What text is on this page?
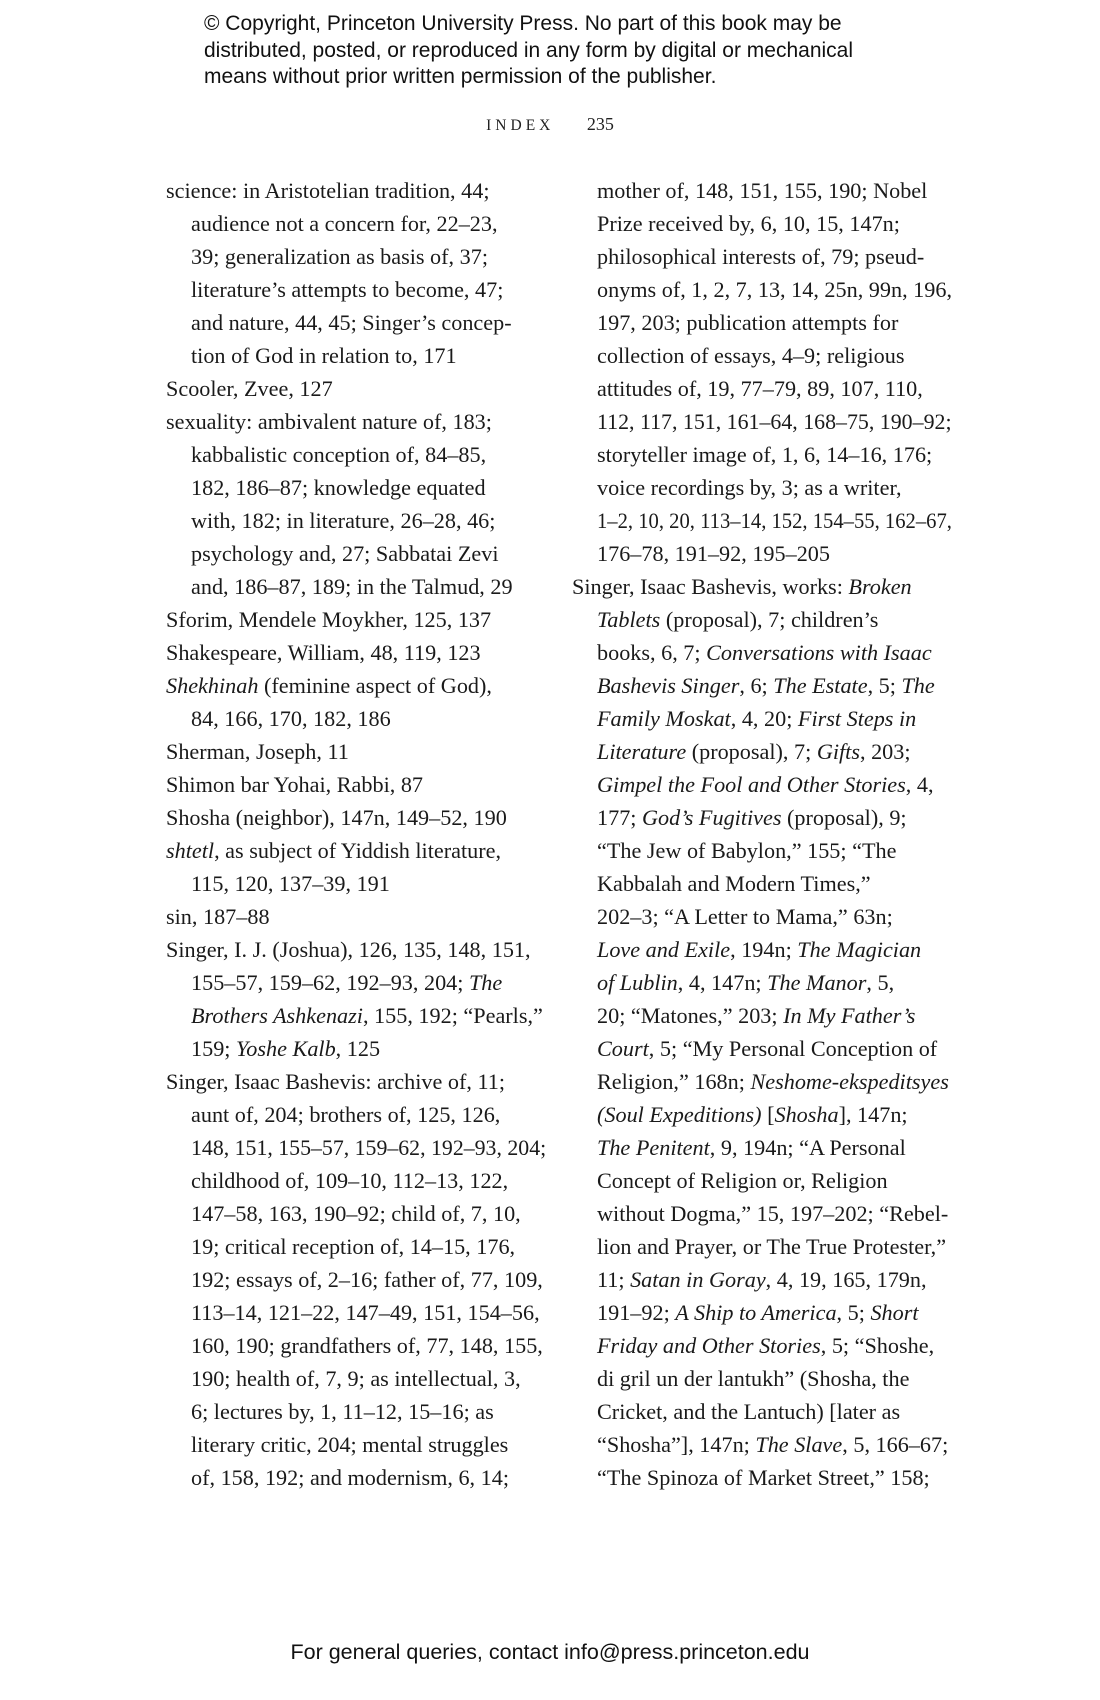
© Copyright, Princeton University Press. No part of this book may be
distributed, posted, or reproduced in any form by digital or mechanical
means without prior written permission of the publisher.
INDEX 235
science: in Aristotelian tradition, 44;
audience not a concern for, 22–23,
39; generalization as basis of, 37;
literature’s attempts to become, 47;
and nature, 44, 45; Singer’s concep-
tion of God in relation to, 171
Scooler, Zvee, 127
sexuality: ambivalent nature of, 183;
kabbalistic conception of, 84–85,
182, 186–87; knowledge equated
with, 182; in literature, 26–28, 46;
psychology and, 27; Sabbatai Zevi
and, 186–87, 189; in the Talmud, 29
Sforim, Mendele Moykher, 125, 137
Shakespeare, William, 48, 119, 123
Shekhinah (feminine aspect of God),
84, 166, 170, 182, 186
Sherman, Joseph, 11
Shimon bar Yohai, Rabbi, 87
Shosha (neighbor), 147n, 149–52, 190
shtetl, as subject of Yiddish literature,
115, 120, 137–39, 191
sin, 187–88
Singer, I. J. (Joshua), 126, 135, 148, 151,
155–57, 159–62, 192–93, 204; The
Brothers Ashkenazi, 155, 192; “Pearls,”
159; Yoshe Kalb, 125
Singer, Isaac Bashevis: archive of, 11;
aunt of, 204; brothers of, 125, 126,
148, 151, 155–57, 159–62, 192–93, 204;
childhood of, 109–10, 112–13, 122,
147–58, 163, 190–92; child of, 7, 10,
19; critical reception of, 14–15, 176,
192; essays of, 2–16; father of, 77, 109,
113–14, 121–22, 147–49, 151, 154–56,
160, 190; grandfathers of, 77, 148, 155,
190; health of, 7, 9; as intellectual, 3,
6; lectures by, 1, 11–12, 15–16; as
literary critic, 204; mental struggles
of, 158, 192; and modernism, 6, 14;
mother of, 148, 151, 155, 190; Nobel
Prize received by, 6, 10, 15, 147n;
philosophical interests of, 79; pseud-
onyms of, 1, 2, 7, 13, 14, 25n, 99n, 196,
197, 203; publication attempts for
collection of essays, 4–9; religious
attitudes of, 19, 77–79, 89, 107, 110,
112, 117, 151, 161–64, 168–75, 190–92;
storyteller image of, 1, 6, 14–16, 176;
voice recordings by, 3; as a writer,
1–2, 10, 20, 113–14, 152, 154–55, 162–67,
176–78, 191–92, 195–205
Singer, Isaac Bashevis, works: Broken
Tablets (proposal), 7; children’s
books, 6, 7; Conversations with Isaac
Bashevis Singer, 6; The Estate, 5; The
Family Moskat, 4, 20; First Steps in
Literature (proposal), 7; Gifts, 203;
Gimpel the Fool and Other Stories, 4,
177; God’s Fugitives (proposal), 9;
“The Jew of Babylon,” 155; “The
Kabbalah and Modern Times,”
202–3; “A Letter to Mama,” 63n;
Love and Exile, 194n; The Magician
of Lublin, 4, 147n; The Manor, 5,
20; “Matones,” 203; In My Father’s
Court, 5; “My Personal Conception of
Religion,” 168n; Neshome-ekspeditsyes
(Soul Expeditions) [Shosha], 147n;
The Penitent, 9, 194n; “A Personal
Concept of Religion or, Religion
without Dogma,” 15, 197–202; “Rebel-
lion and Prayer, or The True Protester,”
11; Satan in Goray, 4, 19, 165, 179n,
191–92; A Ship to America, 5; Short
Friday and Other Stories, 5; “Shoshe,
di gril un der lantukh” (Shosha, the
Cricket, and the Lantuch) [later as
“Shosha”], 147n; The Slave, 5, 166–67;
“The Spinoza of Market Street,” 158;
For general queries, contact info@press.princeton.edu
